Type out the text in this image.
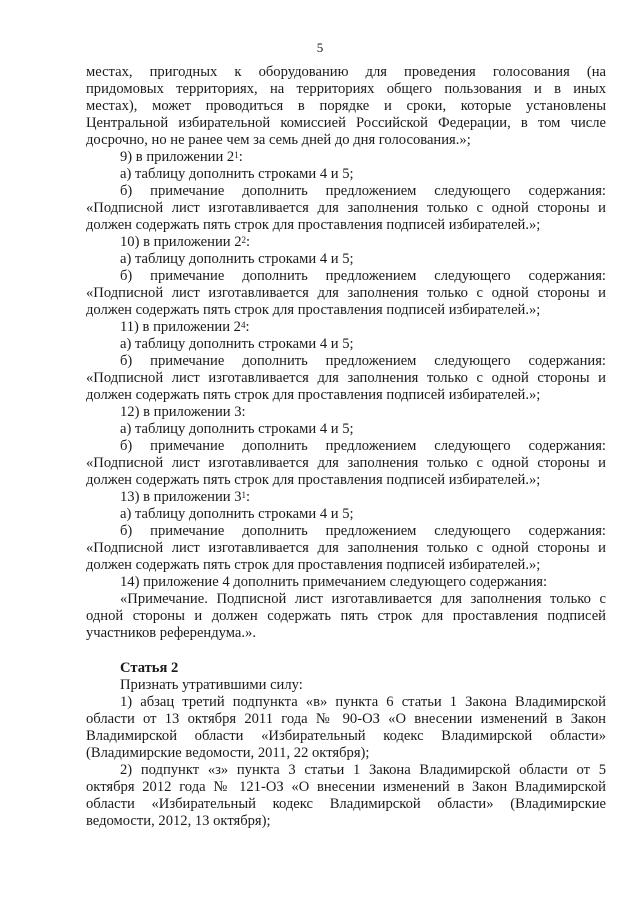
5

местах, пригодных к оборудованию для проведения голосования (на

придомовых территориях, на территориях общего пользования и в иных

местах), может проводиться в порядке и сроки, которые установлены

Центральной избирательной комиссией Российской Федерации, в том числе

досрочно, но не ранее чем за семь дней до дня голосования.»;

9) в приложении $2^1$:

а) таблицу дополнить строками 4 и 5;

б) примечание дополнить предложением следующего содержания:

«Подписной лист изготавливается для заполнения только с одной стороны и

должен содержать пять строк для проставления подписей избирателей.»;

10) в приложении $2^2$:

а) таблицу дополнить строками 4 и 5;

б) примечание дополнить предложением следующего содержания:

«Подписной лист изготавливается для заполнения только с одной стороны и

должен содержать пять строк для проставления подписей избирателей.»;

11) в приложении $2^4$:

а) таблицу дополнить строками 4 и 5;

б) примечание дополнить предложением следующего содержания:

«Подписной лист изготавливается для заполнения только с одной стороны и

должен содержать пять строк для проставления подписей избирателей.»;

12) в приложении 3:

а) таблицу дополнить строками 4 и 5;

б) примечание дополнить предложением следующего содержания:

«Подписной лист изготавливается для заполнения только с одной стороны и

должен содержать пять строк для проставления подписей избирателей.»;

13) в приложении $3^1$:

а) таблицу дополнить строками 4 и 5;

б) примечание дополнить предложением следующего содержания:

«Подписной лист изготавливается для заполнения только с одной стороны и

должен содержать пять строк для проставления подписей избирателей.»;

14) приложение 4 дополнить примечанием следующего содержания:

«Примечание. Подписной лист изготавливается для заполнения только с

одной стороны и должен содержать пять строк для проставления подписей

участников референдума.».

Статья 2

Признать утратившими силу:

1) абзац третий подпункта «в» пункта 6 статьи 1 Закона Владимирской

области от 13 октября 2011 года № 90-ОЗ «О внесении изменений в Закон

Владимирской области «Избирательный кодекс Владимирской области»

(Владимирские ведомости, 2011, 22 октября);

2) подпункт «з» пункта 3 статьи 1 Закона Владимирской области от 5

октября 2012 года № 121-ОЗ «О внесении изменений в Закон Владимирской

области «Избирательный кодекс Владимирской области» (Владимирские

ведомости, 2012, 13 октября);
